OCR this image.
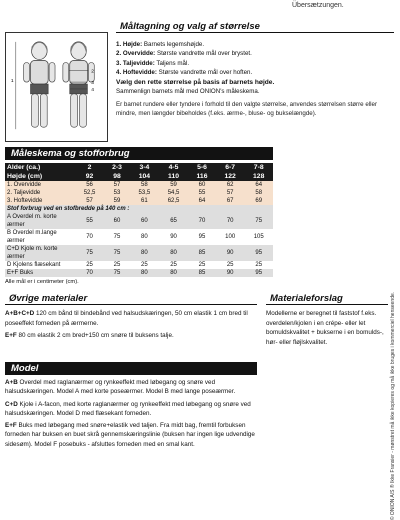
Übersætzungen.
Måltagning og valg af størrelse
1
2
3
4

1. Højde: Barnets legemshøjde.

2. Overvidde: Største vandrette mål over brystet.

3. Taljevidde: Taljens mål.

4. Hoftevidde: Største vandrette mål over hoften.

Vælg den rette størrelse på basis af barnets højde.

Sammenlign barnets mål med ONION's måleskema.

Er barnet rundere eller tyndere i forhold til den valgte størrelse, anvendes størrelsen større eller mindre, men længder bibeholdes (f.eks. ærme-, bluse- og bukselængde).

Måleskema og stofforbrug
Alder (ca.)	2	2-3	3-4	4-5	5-6	6-7	7-8
Højde (cm)	92	98	104	110	116	122	128
1. Overvidde	56	57	58	59	60	62	64
2. Taljevidde	52,5	53	53,5	54,5	55	57	58
3. Hoftevidde	57	59	61	62,5	64	67	69
Stof forbrug ved en stofbredde på 140 cm :							
A Overdel m. korte ærmer	55	60	60	65	70	70	75
B Overdel m.lange ærmer	70	75	80	90	95	100	105
C+D Kjole m. korte ærmer	75	75	80	80	85	90	95
D Kjolens flæsekant	25	25	25	25	25	25	25
E+F Buks	70	75	80	80	85	90	95
Alle mål er i centimeter (cm).
Øvrige materialer

A+B+C+D 120 cm bånd til bindebånd ved halsudskæringen, 50 cm elastik 1 cm bred til poseeffekt forneden på ærmerne.

E+F 80 cm elastik 2 cm bred+150 cm snøre til buksens talje.

Materialeforslag
Modellerne er beregnet til faststof f.eks. overdelen/kjolen i en crépe- eller let bomuldskvalitet + bukserne i en bomulds-, hør- eller fløjlskvalitet.
Model

A+B Overdel med raglanærmer og rynkeeffekt med løbegang og snøre ved halsudskæringen. Model A med korte poseærmer. Model B med lange poseærmer.

C+D Kjole i A-facon, med korte raglanærmer og rynkeeffekt med løbegang og snøre ved halsudskæringen. Model D med flæsekant forneden.

E+F Buks med løbegang med snøre+elastik ved taljen. Fra midt bag, fremtil forbuksen forneden har buksen en buet skrå gennemskæringslinie (buksen har ingen lige udvendige sidesøm). Model F posebuks - afsluttes forneden med en smal kant.	© ONION A/S ® Ikke Fransier - mønstret må ikke kopieres og må ikke bruges i kommerciel henseende.
